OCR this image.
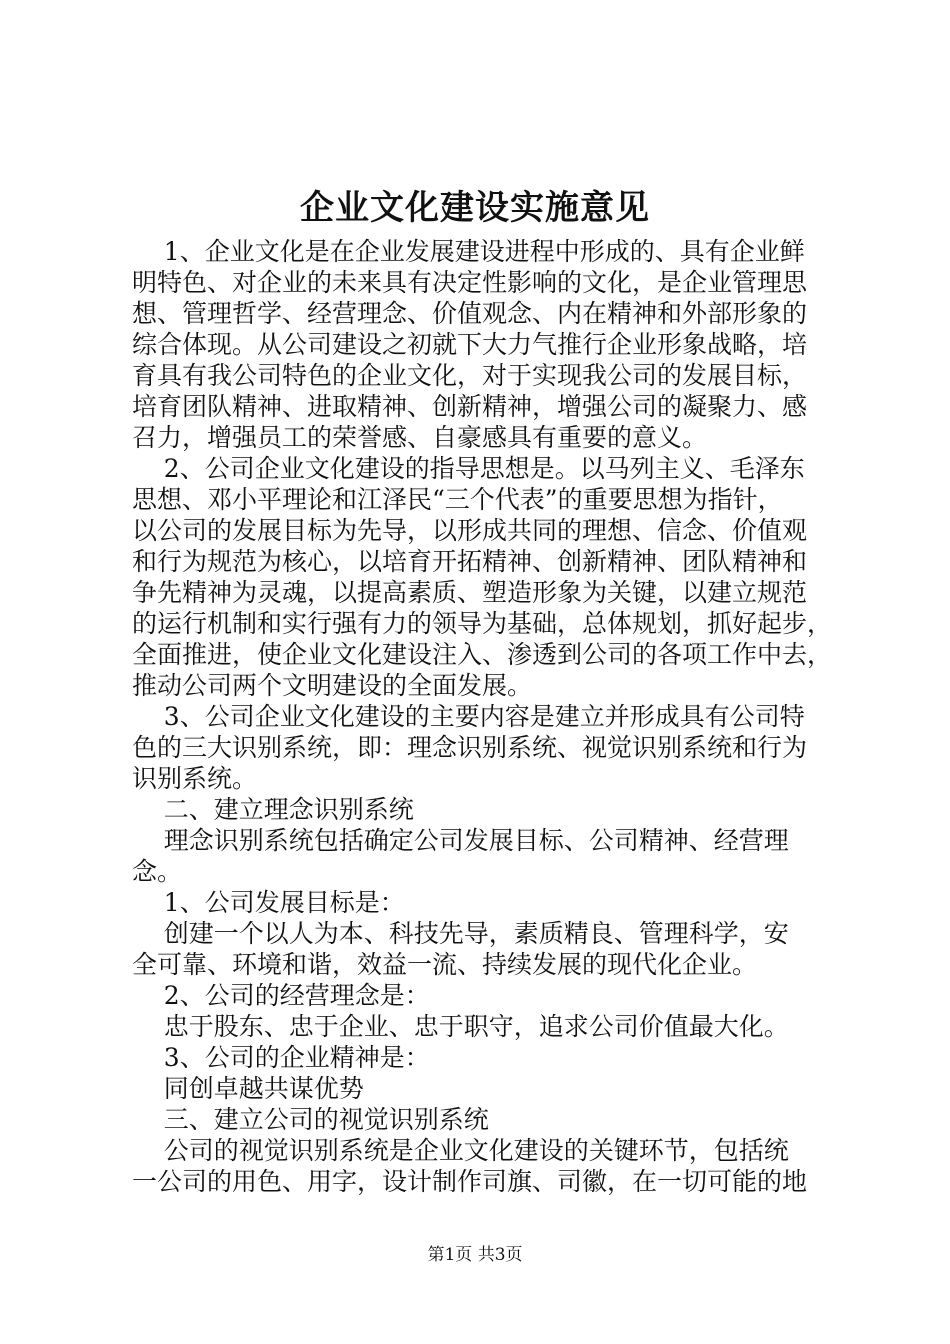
企业文化建设实施意见
1、企业文化是在企业发展建设进程中形成的、具有企业鲜
明特色、对企业的未来具有决定性影响的文化，是企业管理思
想、管理哲学、经营理念、价值观念、内在精神和外部形象的
综合体现。从公司建设之初就下大力气推行企业形象战略，培
育具有我公司特色的企业文化，对于实现我公司的发展目标，
培育团队精神、进取精神、创新精神，增强公司的凝聚力、感
召力，增强员工的荣誉感、自豪感具有重要的意义。
2、公司企业文化建设的指导思想是。以马列主义、毛泽东
思想、邓小平理论和江泽民“三个代表”的重要思想为指针，
以公司的发展目标为先导，以形成共同的理想、信念、价值观
和行为规范为核心，以培育开拓精神、创新精神、团队精神和
争先精神为灵魂，以提高素质、塑造形象为关键，以建立规范
的运行机制和实行强有力的领导为基础，总体规划，抓好起步，
全面推进，使企业文化建设注入、渗透到公司的各项工作中去，
推动公司两个文明建设的全面发展。
3、公司企业文化建设的主要内容是建立并形成具有公司特
色的三大识别系统，即：理念识别系统、视觉识别系统和行为
识别系统。
二、建立理念识别系统
理念识别系统包括确定公司发展目标、公司精神、经营理
念。
1、公司发展目标是：
创建一个以人为本、科技先导，素质精良、管理科学，安
全可靠、环境和谐，效益一流、持续发展的现代化企业。
2、公司的经营理念是：
忠于股东、忠于企业、忠于职守，追求公司价值最大化。
3、公司的企业精神是：
同创卓越共谋优势
三、建立公司的视觉识别系统
公司的视觉识别系统是企业文化建设的关键环节，包括统
一公司的用色、用字，设计制作司旗、司徽，在一切可能的地
第1页 共3页
